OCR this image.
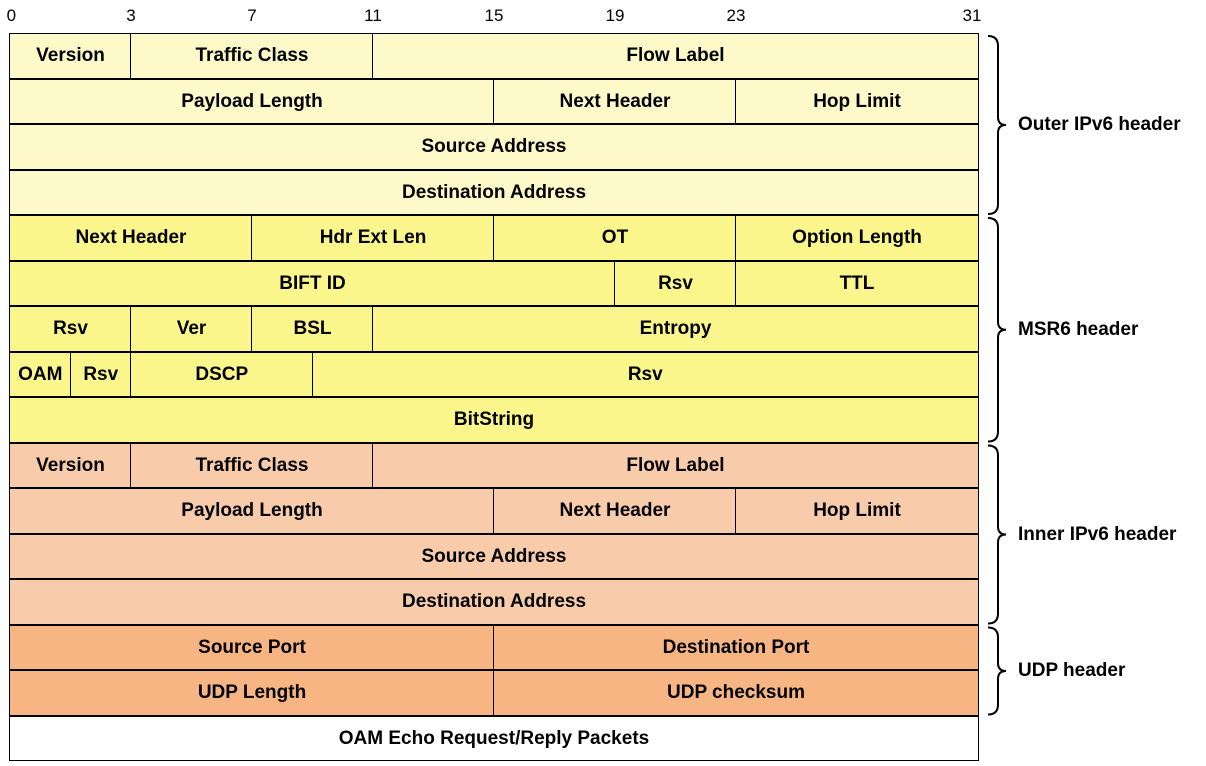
0	3	7	11	15	19	23	31
Version	Traffic Class	Flow Label
Payload Length	Next Header	Hop Limit
Source Address
Destination Address
Next Header	Hdr Ext Len	OT	Option Length
BIFT ID	Rsv	TTL
Rsv	Ver	BSL	Entropy
OAM	Rsv	DSCP	Rsv
BitString
Version	Traffic Class	Flow Label
Payload Length	Next Header	Hop Limit
Source Address
Destination Address
Source Port	Destination Port
UDP Length	UDP checksum
OAM Echo Request/Reply Packets
Outer IPv6 header
MSR6 header
Inner IPv6 header
UDP header
